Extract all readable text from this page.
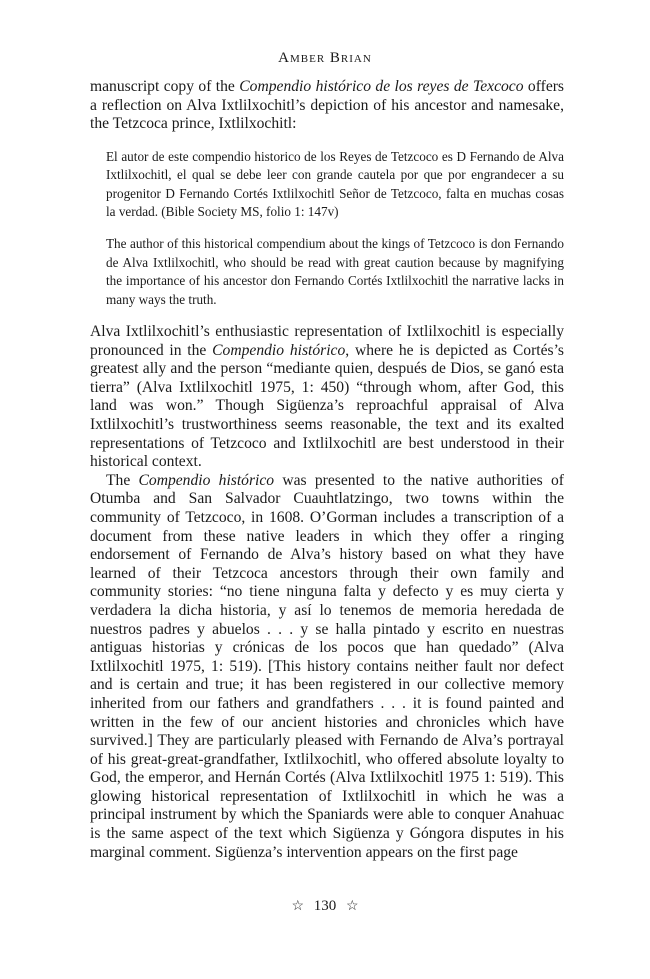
Amber Brian

manuscript copy of the Compendio histórico de los reyes de Texcoco offers a reflection on Alva Ixtlilxochitl’s depiction of his ancestor and namesake, the Tetzcoca prince, Ixtlilxochitl:

El autor de este compendio historico de los Reyes de Tetzcoco es D Fernando de Alva Ixtlilxochitl, el qual se debe leer con grande cautela por que por engrandecer a su progenitor D Fernando Cortés Ixtlilxochitl Señor de Tetzcoco, falta en muchas cosas la verdad. (Bible Society MS, folio 1: 147v)

The author of this historical compendium about the kings of Tetzcoco is don Fernando de Alva Ixtlilxochitl, who should be read with great caution because by magnifying the importance of his ancestor don Fernando Cortés Ixtlilxochitl the narrative lacks in many ways the truth.

Alva Ixtlilxochitl’s enthusiastic representation of Ixtlilxochitl is especially pronounced in the Compendio histórico, where he is depicted as Cortés’s greatest ally and the person “mediante quien, después de Dios, se ganó esta tierra” (Alva Ixtlilxochitl 1975, 1: 450) “through whom, after God, this land was won.” Though Sigüenza’s reproachful appraisal of Alva Ixtlilxochitl’s trustworthiness seems reasonable, the text and its exalted representations of Tetzcoco and Ixtlilxochitl are best understood in their historical context.

The Compendio histórico was presented to the native authorities of Otumba and San Salvador Cuauhtlatzingo, two towns within the community of Tetzcoco, in 1608. O’Gorman includes a transcription of a document from these native leaders in which they offer a ringing endorsement of Fernando de Alva’s history based on what they have learned of their Tetzcoca ancestors through their own family and community stories: “no tiene ninguna falta y defecto y es muy cierta y verdadera la dicha historia, y así lo tenemos de memoria heredada de nuestros padres y abuelos . . . y se halla pintado y escrito en nuestras antiguas historias y crónicas de los pocos que han quedado” (Alva Ixtlilxochitl 1975, 1: 519). [This history contains neither fault nor defect and is certain and true; it has been registered in our collective memory inherited from our fathers and grandfathers . . . it is found painted and written in the few of our ancient histories and chronicles which have survived.] They are particularly pleased with Fernando de Alva’s portrayal of his great-great-grandfather, Ixtlilxochitl, who offered absolute loyalty to God, the emperor, and Hernán Cortés (Alva Ixtlilxochitl 1975 1: 519). This glowing historical representation of Ixtlilxochitl in which he was a principal instrument by which the Spaniards were able to conquer Anahuac is the same aspect of the text which Sigüenza y Góngora disputes in his marginal comment. Sigüenza’s intervention appears on the first page

☆ 130 ☆
